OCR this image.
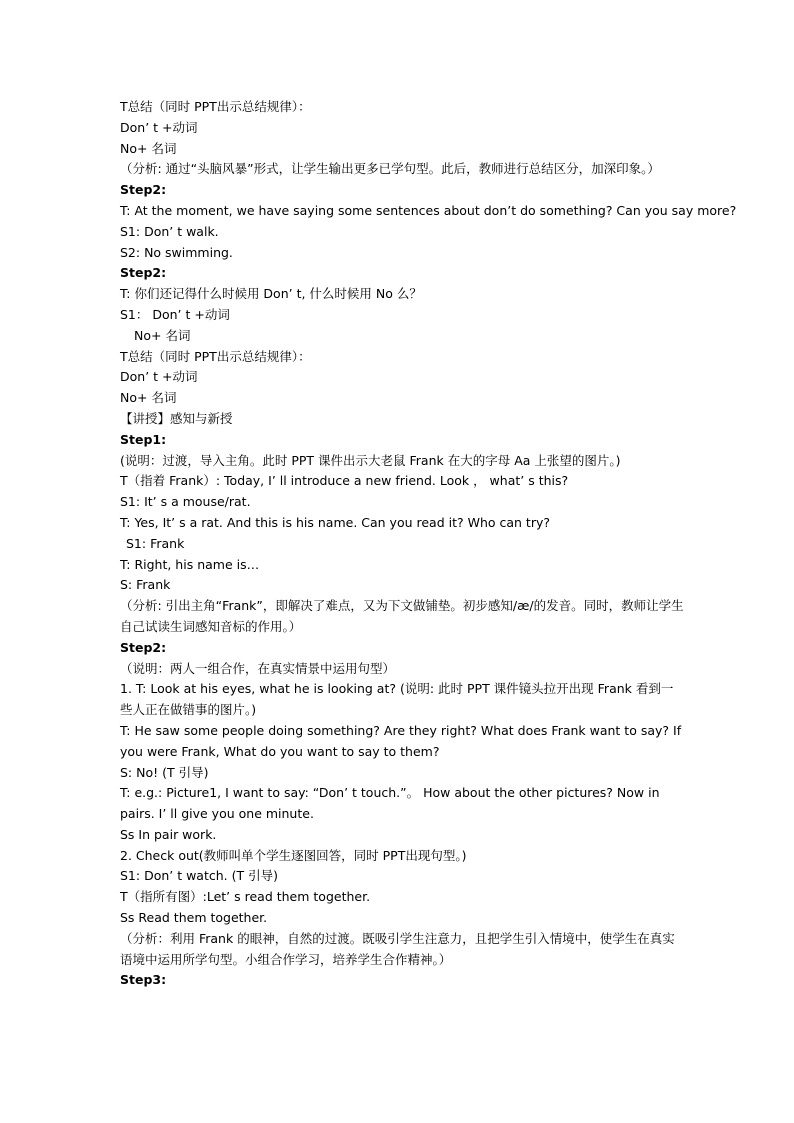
T总结（同时 PPT出示总结规律）：
Don’ t +动词
No+ 名词
（分析: 通过“头脑风暴”形式，让学生输出更多已学句型。此后，教师进行总结区分，加深印象。）
Step2:
T: At the moment, we have saying some sentences about don’t do something? Can you say more?
S1: Don’ t walk.
S2: No swimming.
Step2:
T: 你们还记得什么时候用 Don’ t, 什么时候用 No 么？
S1： Don’ t +动词
No+ 名词
T总结（同时 PPT出示总结规律）：
Don’ t +动词
No+ 名词
【讲授】感知与新授
Step1:
(说明：过渡，导入主角。此时 PPT 课件出示大老鼠 Frank 在大的字母 Aa 上张望的图片。)
T（指着 Frank）: Today, I’ ll introduce a new friend. Look ， what’ s this?
S1: It’ s a mouse/rat.
T: Yes, It’ s a rat. And this is his name. Can you read it? Who can try?
S1: Frank
T: Right, his name is…
S: Frank
（分析: 引出主角“Frank”，即解决了难点，又为下文做铺垫。初步感知/æ/的发音。同时，教师让学生自己试读生词感知音标的作用。）
Step2:
（说明：两人一组合作，在真实情景中运用句型）
1. T: Look at his eyes, what he is looking at? (说明: 此时 PPT 课件镜头拉开出现 Frank 看到一些人正在做错事的图片。)
T: He saw some people doing something? Are they right? What does Frank want to say? If you were Frank, What do you want to say to them?
S: No! (T 引导)
T: e.g.: Picture1, I want to say: “Don’ t touch.”。 How about the other pictures? Now in pairs. I’ ll give you one minute.
Ss In pair work.
2. Check out(教师叫单个学生逐图回答，同时 PPT出现句型。)
S1: Don’ t watch. (T 引导)
T（指所有图）:Let’ s read them together.
Ss Read them together.
（分析：利用 Frank 的眼神，自然的过渡。既吸引学生注意力，且把学生引入情境中，使学生在真实语境中运用所学句型。小组合作学习，培养学生合作精神。）
Step3:
